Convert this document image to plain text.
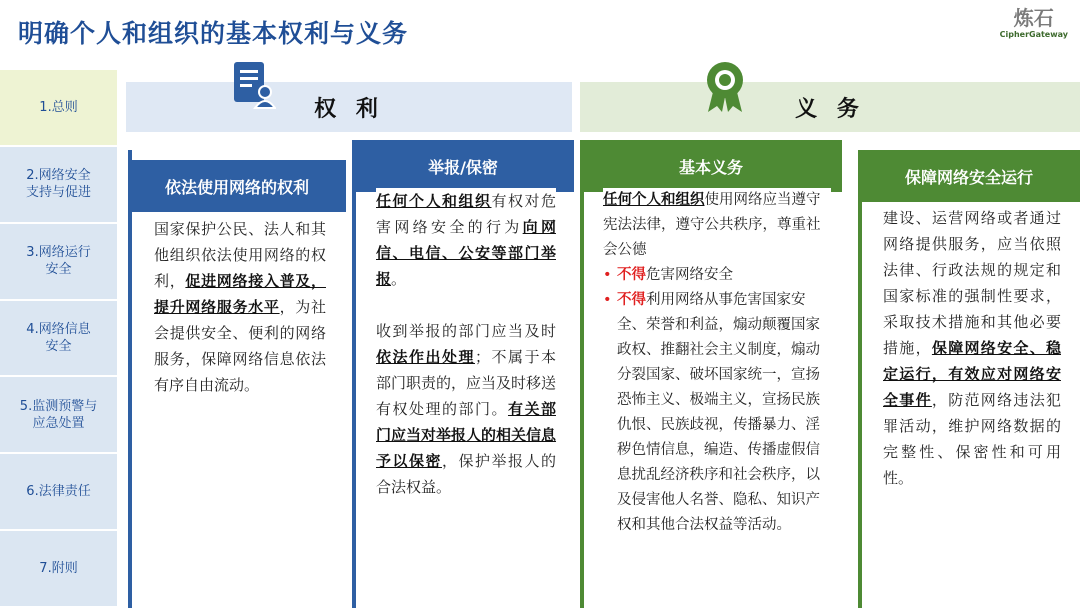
明确个人和组织的基本权利与义务
炼石
CipherGateway
1.总则
2.网络安全
支持与促进
3.网络运行
安全
4.网络信息
安全
5.监测预警与
应急处置
6.法律责任
7.附则
权 利	义 务
依法使用网络的权利
国家保护公民、法人和其他组织依法使用网络的权利，促进网络接入普及，提升网络服务水平，为社会提供安全、便利的网络服务，保障网络信息依法有序自由流动。
举报/保密
任何个人和组织有权对危害网络安全的行为向网信、电信、公安等部门举报。
收到举报的部门应当及时依法作出处理；不属于本部门职责的，应当及时移送有权处理的部门。有关部门应当对举报人的相关信息予以保密，保护举报人的合法权益。
基本义务
任何个人和组织使用网络应当遵守宪法法律，遵守公共秩序，尊重社会公德
• 不得危害网络安全
• 不得利用网络从事危害国家安全、荣誉和利益，煽动颠覆国家政权、推翻社会主义制度，煽动分裂国家、破坏国家统一，宣扬恐怖主义、极端主义，宣扬民族仇恨、民族歧视，传播暴力、淫秽色情信息，编造、传播虚假信息扰乱经济秩序和社会秩序，以及侵害他人名誉、隐私、知识产权和其他合法权益等活动。
保障网络安全运行
建设、运营网络或者通过网络提供服务，应当依照法律、行政法规的规定和国家标准的强制性要求，采取技术措施和其他必要措施，保障网络安全、稳定运行，有效应对网络安全事件，防范网络违法犯罪活动，维护网络数据的完整性、保密性和可用性。
